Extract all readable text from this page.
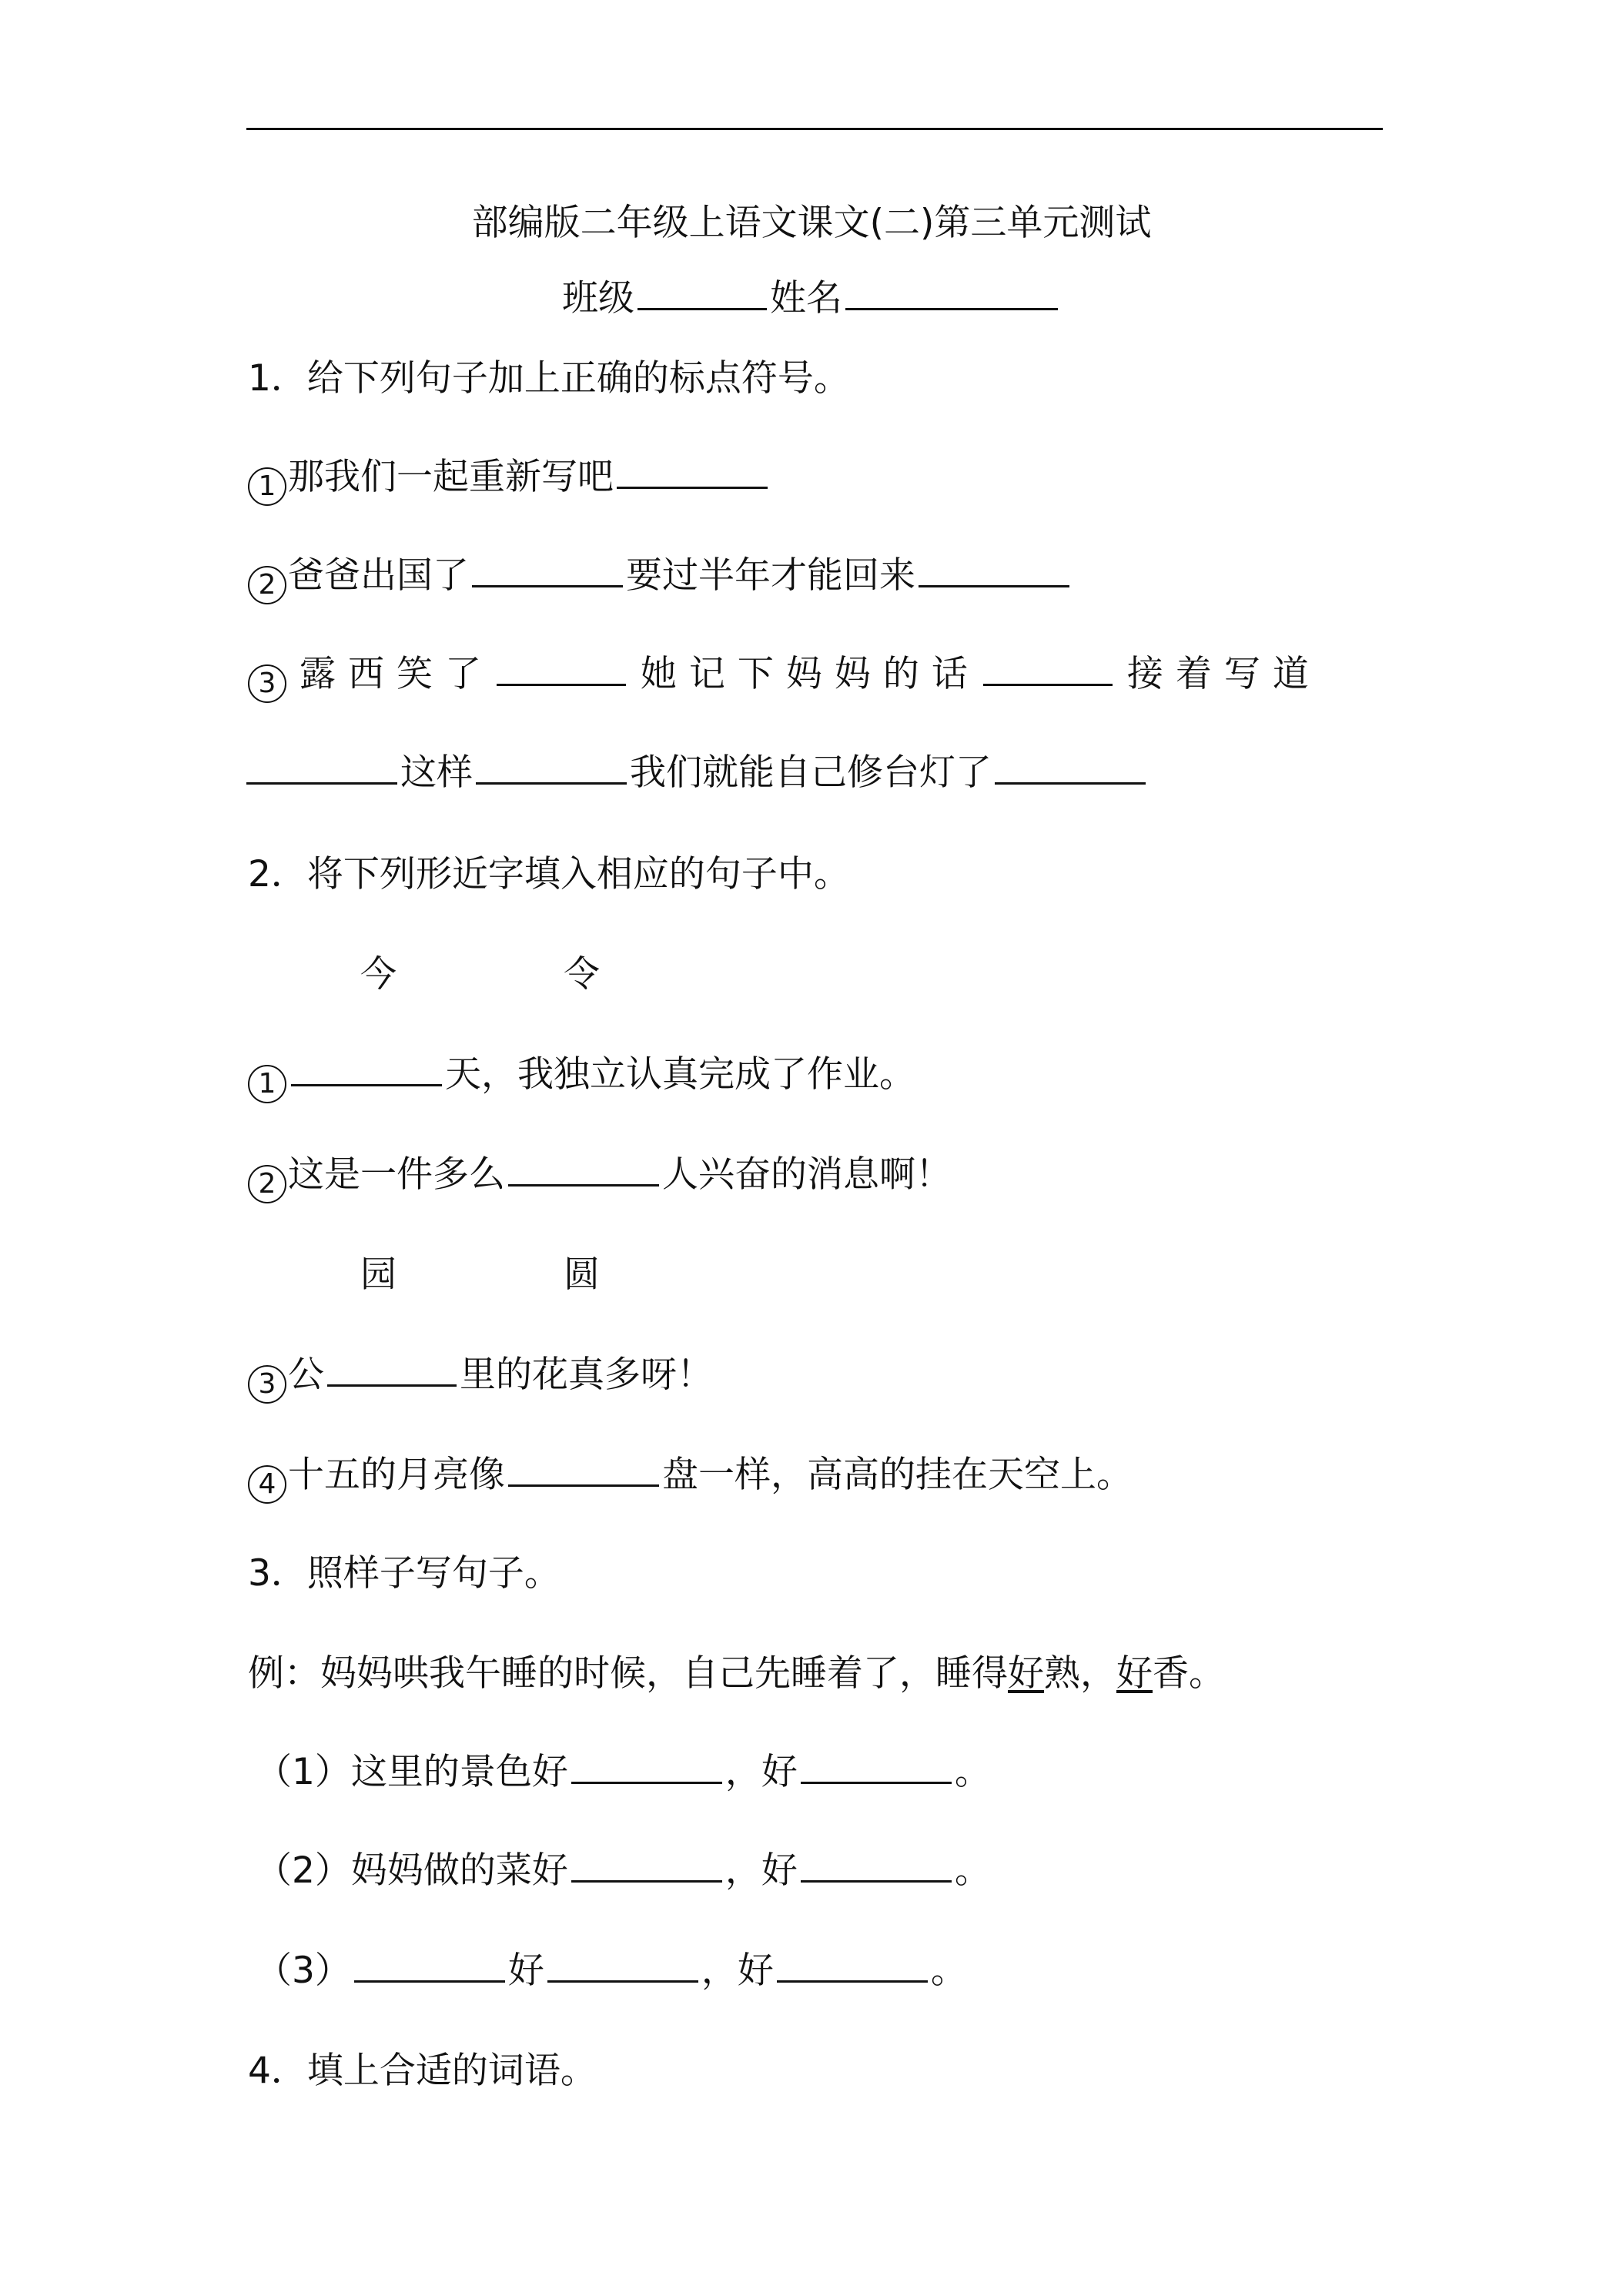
部编版二年级上语文课文(二)第三单元测试
班级	姓名
1．给下列句子加上正确的标点符号。
1 那我们一起重新写吧
2 爸爸出国了	要过半年才能回来
3 露西笑了	她记下妈妈的话	接着写道
这样	我们就能自己修台灯了
2．将下列形近字填入相应的句子中。
今	令
1	天，我独立认真完成了作业。
2 这是一件多么	人兴奋的消息啊！
园	圆
3 公	里的花真多呀！
4 十五的月亮像	盘一样，高高的挂在天空上。
3．照样子写句子。
例：妈妈哄我午睡的时候，自己先睡着了，睡得好熟，好香。
（1）这里的景色好	，好	。
（2）妈妈做的菜好	，好	。
（3）	好	，好	。
4．填上合适的词语。
